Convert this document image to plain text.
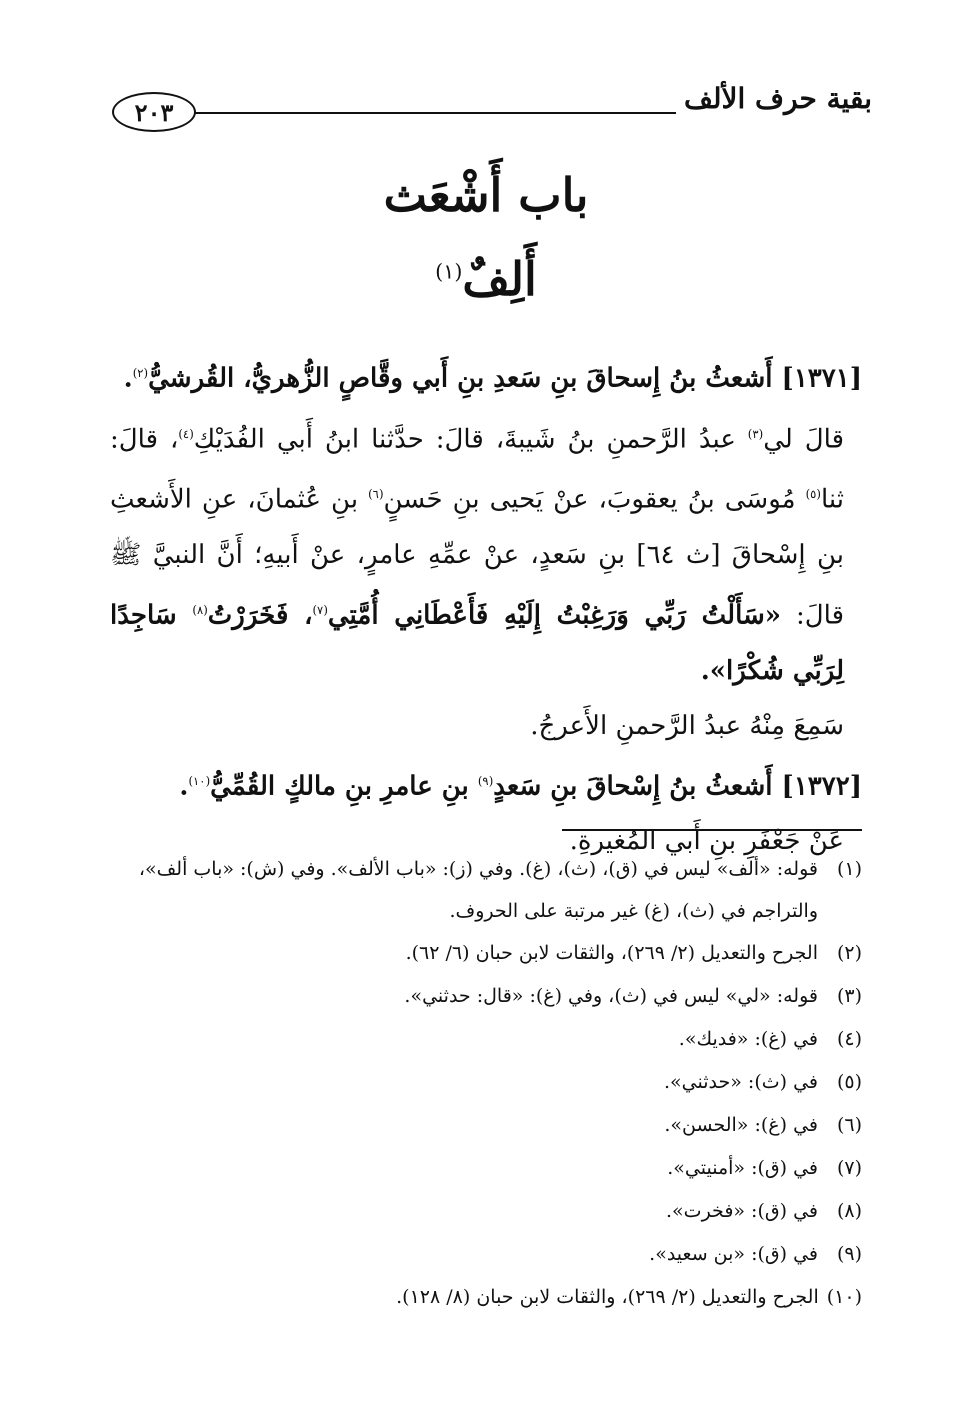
٢٠٣	بقية حرف الألف
باب أَشْعَث
أَلِفٌ$^{(١)}$

[١٣٧١] أَشعثُ بنُ إِسحاقَ بنِ سَعدِ بنِ أَبي وقَّاصٍ الزُّهريُّ، القُرشيُّ$^{(٢)}$.

قالَ لي$^{(٣)}$ عبدُ الرَّحمنِ بنُ شَيبةَ، قالَ: حدَّثنا ابنُ أَبي الفُدَيْكِ$^{(٤)}$، قالَ: ثنا$^{(٥)}$ مُوسَى بنُ يعقوبَ، عنْ يَحيى بنِ حَسنٍ$^{(٦)}$ بنِ عُثمانَ، عنِ الأَشعثِ بنِ إِسْحاقَ [ث ٦٤] بنِ سَعدٍ، عنْ عمِّهِ عامرٍ، عنْ أَبيهِ؛ أَنَّ النبيَّ ﷺ قالَ: «سَأَلْتُ رَبِّي وَرَغِبْتُ إِلَيْهِ فَأَعْطَانِي أُمَّتِي$^{(٧)}$، فَخَرَرْتُ$^{(٨)}$ سَاجِدًا لِرَبِّي شُكْرًا».

سَمِعَ مِنْهُ عبدُ الرَّحمنِ الأَعرجُ.

[١٣٧٢] أَشعثُ بنُ إِسْحاقَ بنِ سَعدٍ$^{(٩)}$ بنِ عامرِ بنِ مالكٍ القُمِّيُّ$^{(١٠)}$.

عَنْ جَعْفَرِ بنِ أَبي المُغيرةِ.

(١)
قوله: «ألف» ليس في (ق)، (ث)، (غ). وفي (ز): «باب الألف». وفي (ش): «باب ألف»، والتراجم في (ث)، (غ) غير مرتبة على الحروف.
(٢)
الجرح والتعديل (٢/ ٢٦٩)، والثقات لابن حبان (٦/ ٦٢).
(٣)
قوله: «لي» ليس في (ث)، وفي (غ): «قال: حدثني».
(٤)
في (غ): «فديك».
(٥)
في (ث): «حدثني».
(٦)
في (غ): «الحسن».
(٧)
في (ق): «أمنيتي».
(٨)
في (ق): «فخرت».
(٩)
في (ق): «بن سعيد».
(١٠)
الجرح والتعديل (٢/ ٢٦٩)، والثقات لابن حبان (٨/ ١٢٨).
